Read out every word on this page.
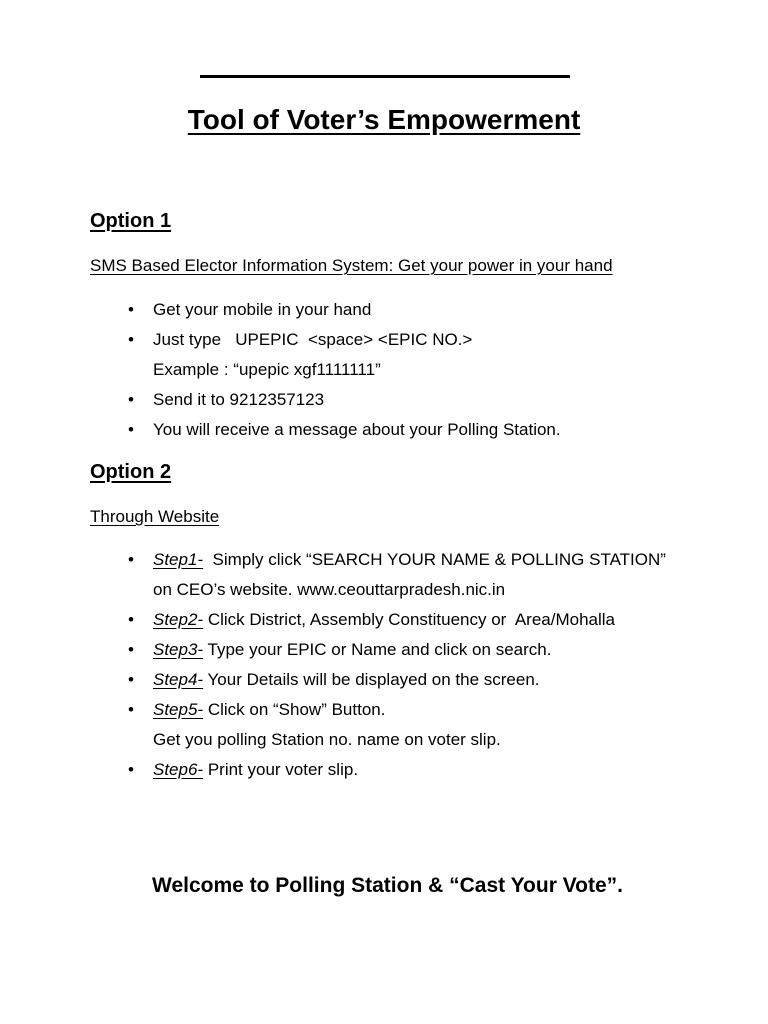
Tool of Voter’s Empowerment
Option 1
SMS Based Elector Information System: Get your power in your hand
• Get your mobile in your hand
• Just type   UPEPIC  <space> <EPIC NO.>
Example : “upepic xgf1111111”
• Send it to 9212357123
• You will receive a message about your Polling Station.
Option 2
Through Website
• Step1-  Simply click “SEARCH YOUR NAME & POLLING STATION”
on CEO’s website. www.ceouttarpradesh.nic.in
• Step2- Click District, Assembly Constituency or  Area/Mohalla
• Step3- Type your EPIC or Name and click on search.
• Step4- Your Details will be displayed on the screen.
• Step5- Click on “Show” Button.
Get you polling Station no. name on voter slip.
• Step6- Print your voter slip.
Welcome to Polling Station & “Cast Your Vote”.
